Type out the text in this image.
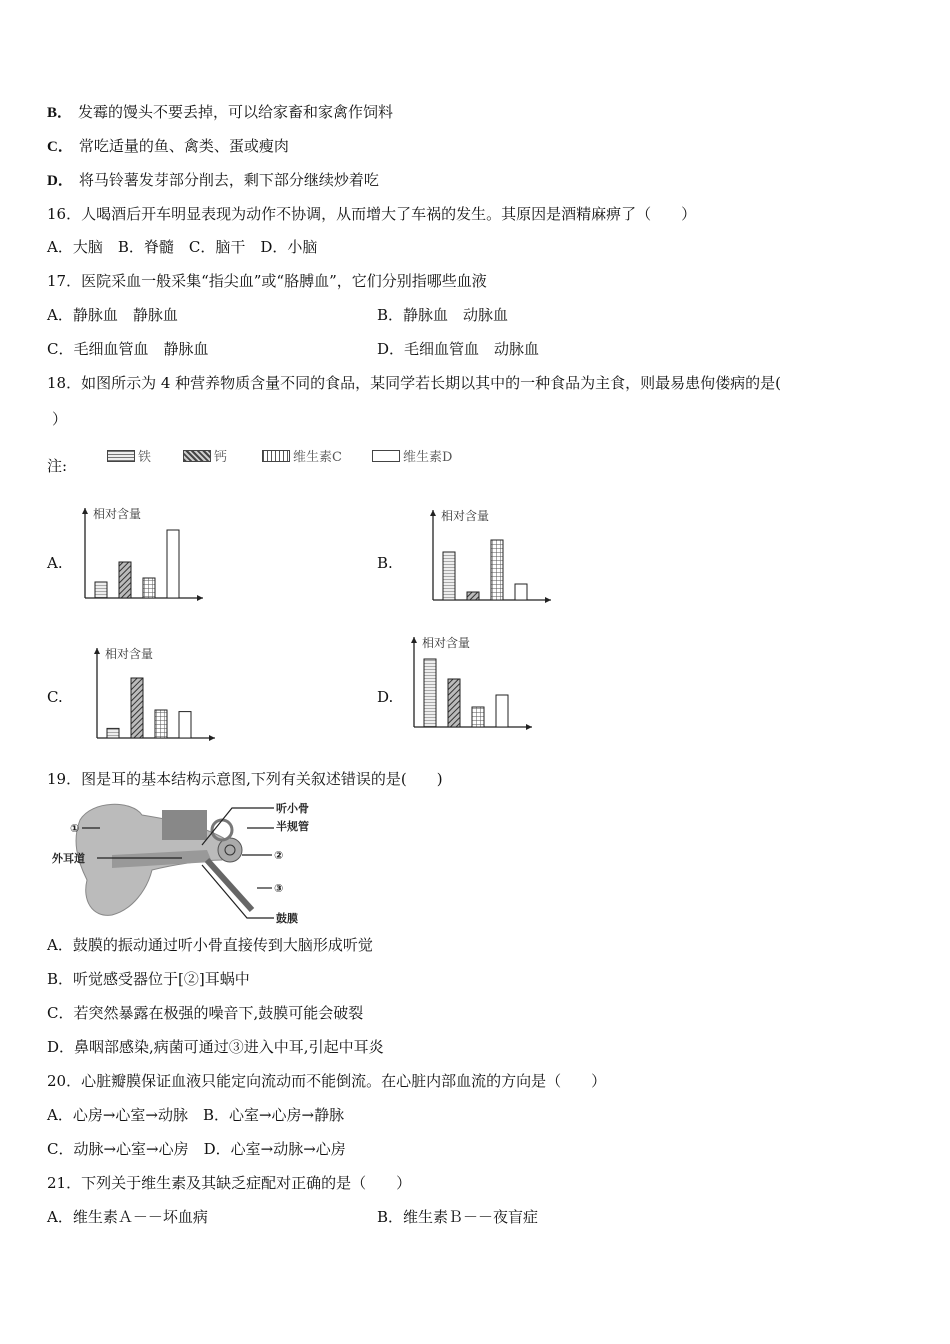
B． 发霉的馒头不要丢掉，可以给家畜和家禽作饲料
C． 常吃适量的鱼、禽类、蛋或瘦肉
D． 将马铃薯发芽部分削去，剩下部分继续炒着吃
16．人喝酒后开车明显表现为动作不协调，从而增大了车祸的发生。其原因是酒精麻痹了（　　）
A．大脑　B．脊髓　C．脑干　D．小脑
17．医院采血一般采集“指尖血”或“胳膊血”，它们分别指哪些血液
A．静脉血　静脉血	B．静脉血　动脉血
C．毛细血管血　静脉血	D．毛细血管血　动脉血
18．如图所示为 4 种营养物质含量不同的食品，某同学若长期以其中的一种食品为主食，则最易患佝偻病的是(
）
注:	铁	钙	维生素C	维生素D
相对含量	相对含量
相对含量
相对含量
A.	B.
C.	D.
19．图是耳的基本结构示意图,下列有关叙述错误的是(　　)
①
外耳道
听小骨
半规管
②
③
鼓膜
A．鼓膜的振动通过听小骨直接传到大脑形成听觉
B．听觉感受器位于[②]耳蜗中
C．若突然暴露在极强的噪音下,鼓膜可能会破裂
D．鼻咽部感染,病菌可通过③进入中耳,引起中耳炎
20．心脏瓣膜保证血液只能定向流动而不能倒流。在心脏内部血流的方向是（　　）
A．心房→心室→动脉　B．心室→心房→静脉
C．动脉→心室→心房　D．心室→动脉→心房
21．下列关于维生素及其缺乏症配对正确的是（　　）
A．维生素Ａ－－坏血病	B．维生素Ｂ－－夜盲症
